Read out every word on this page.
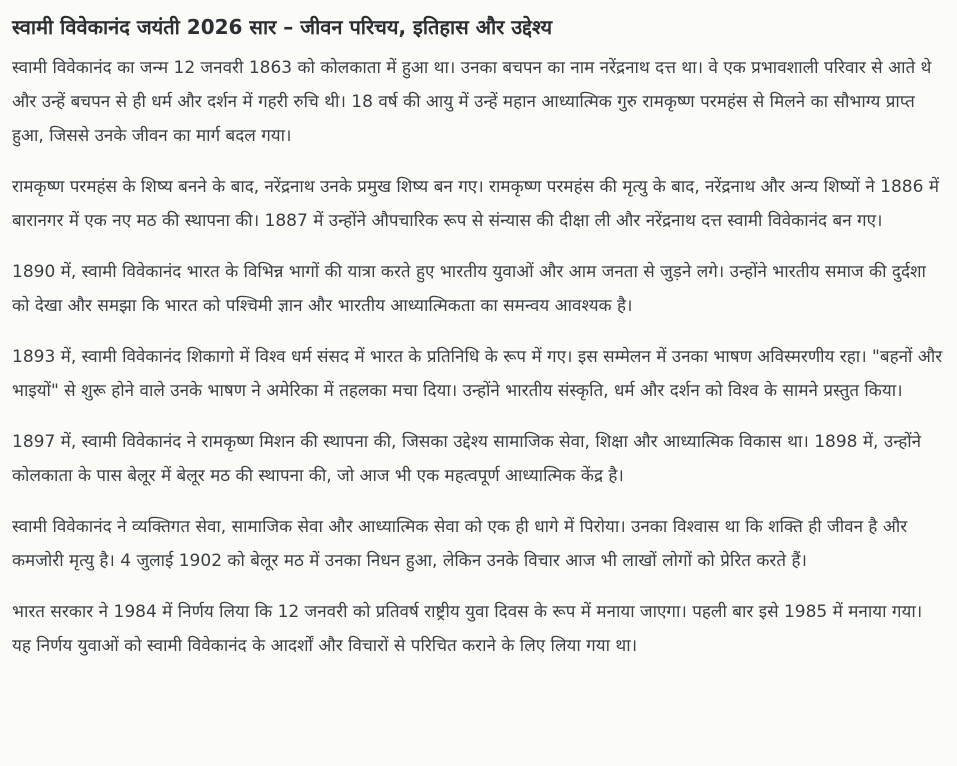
स्वामी विवेकानंद जयंती 2026 सार – जीवन परिचय, इतिहास और उद्देश्य

स्वामी विवेकानंद का जन्म 12 जनवरी 1863 को कोलकाता में हुआ था। उनका बचपन का नाम नरेंद्रनाथ दत्त था। वे एक प्रभावशाली परिवार से आते थे और उन्हें बचपन से ही धर्म और दर्शन में गहरी रुचि थी। 18 वर्ष की आयु में उन्हें महान आध्यात्मिक गुरु रामकृष्ण परमहंस से मिलने का सौभाग्य प्राप्त हुआ, जिससे उनके जीवन का मार्ग बदल गया।

रामकृष्ण परमहंस के शिष्य बनने के बाद, नरेंद्रनाथ उनके प्रमुख शिष्य बन गए। रामकृष्ण परमहंस की मृत्यु के बाद, नरेंद्रनाथ और अन्य शिष्यों ने 1886 में बारानगर में एक नए मठ की स्थापना की। 1887 में उन्होंने औपचारिक रूप से संन्यास की दीक्षा ली और नरेंद्रनाथ दत्त स्वामी विवेकानंद बन गए।

1890 में, स्वामी विवेकानंद भारत के विभिन्न भागों की यात्रा करते हुए भारतीय युवाओं और आम जनता से जुड़ने लगे। उन्होंने भारतीय समाज की दुर्दशा को देखा और समझा कि भारत को पश्चिमी ज्ञान और भारतीय आध्यात्मिकता का समन्वय आवश्यक है।

1893 में, स्वामी विवेकानंद शिकागो में विश्व धर्म संसद में भारत के प्रतिनिधि के रूप में गए। इस सम्मेलन में उनका भाषण अविस्मरणीय रहा। "बहनों और भाइयों" से शुरू होने वाले उनके भाषण ने अमेरिका में तहलका मचा दिया। उन्होंने भारतीय संस्कृति, धर्म और दर्शन को विश्व के सामने प्रस्तुत किया।

1897 में, स्वामी विवेकानंद ने रामकृष्ण मिशन की स्थापना की, जिसका उद्देश्य सामाजिक सेवा, शिक्षा और आध्यात्मिक विकास था। 1898 में, उन्होंने कोलकाता के पास बेलूर में बेलूर मठ की स्थापना की, जो आज भी एक महत्वपूर्ण आध्यात्मिक केंद्र है।

स्वामी विवेकानंद ने व्यक्तिगत सेवा, सामाजिक सेवा और आध्यात्मिक सेवा को एक ही धागे में पिरोया। उनका विश्वास था कि शक्ति ही जीवन है और कमजोरी मृत्यु है। 4 जुलाई 1902 को बेलूर मठ में उनका निधन हुआ, लेकिन उनके विचार आज भी लाखों लोगों को प्रेरित करते हैं।

भारत सरकार ने 1984 में निर्णय लिया कि 12 जनवरी को प्रतिवर्ष राष्ट्रीय युवा दिवस के रूप में मनाया जाएगा। पहली बार इसे 1985 में मनाया गया। यह निर्णय युवाओं को स्वामी विवेकानंद के आदर्शों और विचारों से परिचित कराने के लिए लिया गया था।
